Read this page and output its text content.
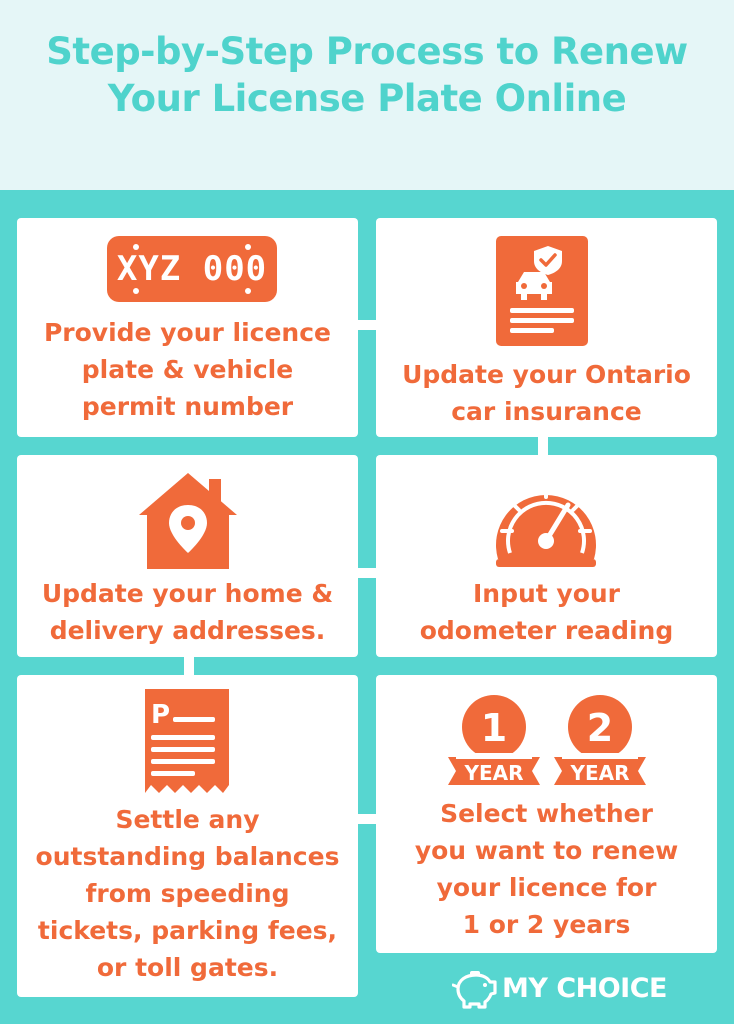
Step-by-Step Process to Renew Your License Plate Online
XYZ 000
Provide your licence
plate & vehicle
permit number
Update your Ontario
car insurance
Update your home &
delivery addresses.
Input your
odometer reading
P
Settle any
outstanding balances
from speeding
tickets, parking fees,
or toll gates.
1
YEAR
2
YEAR
Select whether
you want to renew
your licence for
1 or 2 years
MY CHOICE
